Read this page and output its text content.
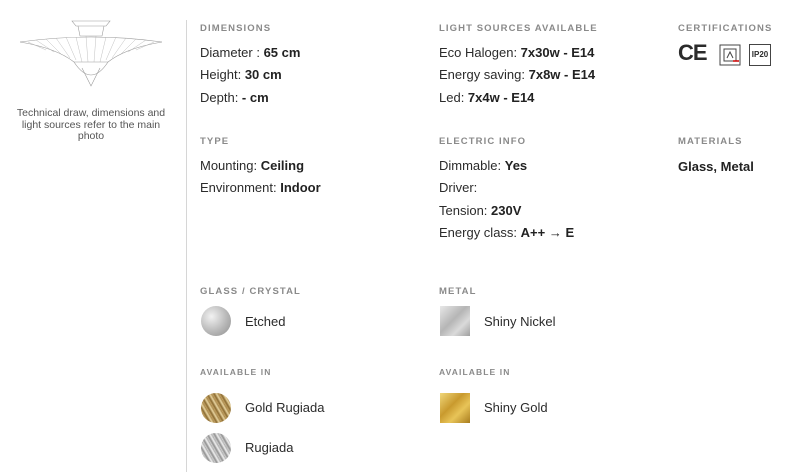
Technical draw, dimensions and light sources refer to the main photo
DIMENSIONS
Diameter : 65 cm
Height: 30 cm
Depth: - cm
LIGHT SOURCES AVAILABLE
Eco Halogen: 7x30w - E14
Energy saving: 7x8w - E14
Led: 7x4w - E14
CERTIFICATIONS
CE	IP20
TYPE
Mounting: Ceiling
Environment: Indoor
ELECTRIC INFO
Dimmable: Yes
Driver:
Tension: 230V
Energy class: A++ → E
MATERIALS
Glass, Metal
GLASS / CRYSTAL
Etched
AVAILABLE IN
Gold Rugiada
Rugiada
METAL
Shiny Nickel
AVAILABLE IN
Shiny Gold
